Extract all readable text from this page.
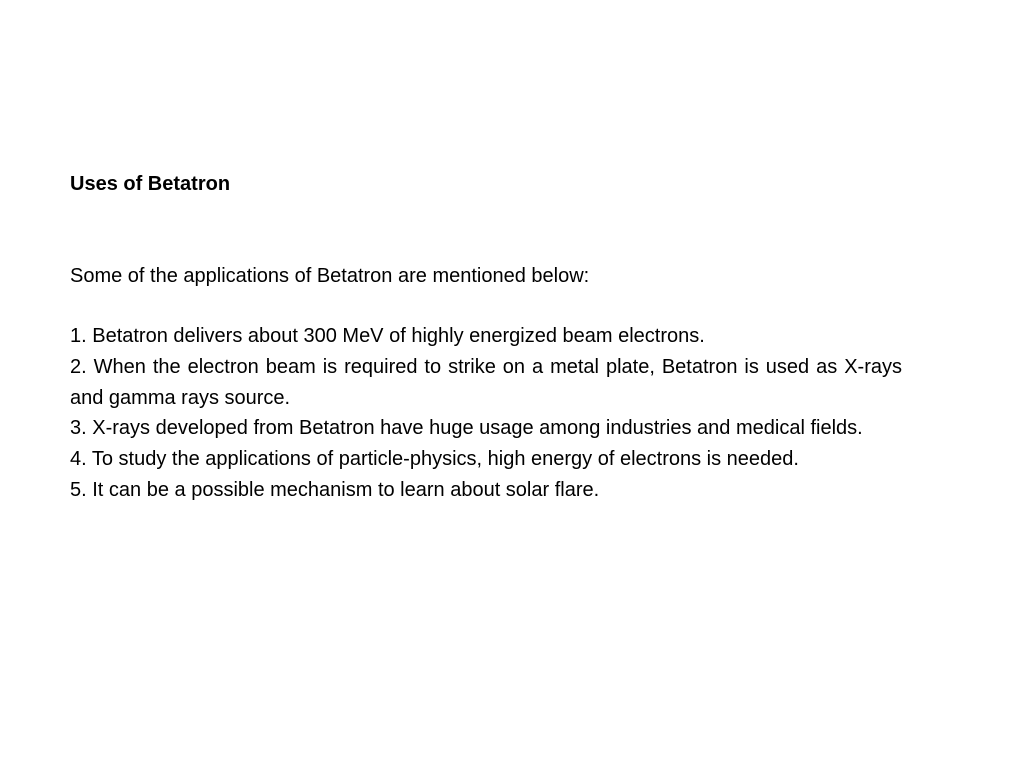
Uses of Betatron
Some of the applications of Betatron are mentioned below:
1. Betatron delivers about 300 MeV of highly energized beam electrons.
2. When the electron beam is required to strike on a metal plate, Betatron is used as X-rays and gamma rays source.
3. X-rays developed from Betatron have huge usage among industries and medical fields.
4. To study the applications of particle-physics, high energy of electrons is needed.
5. It can be a possible mechanism to learn about solar flare.
